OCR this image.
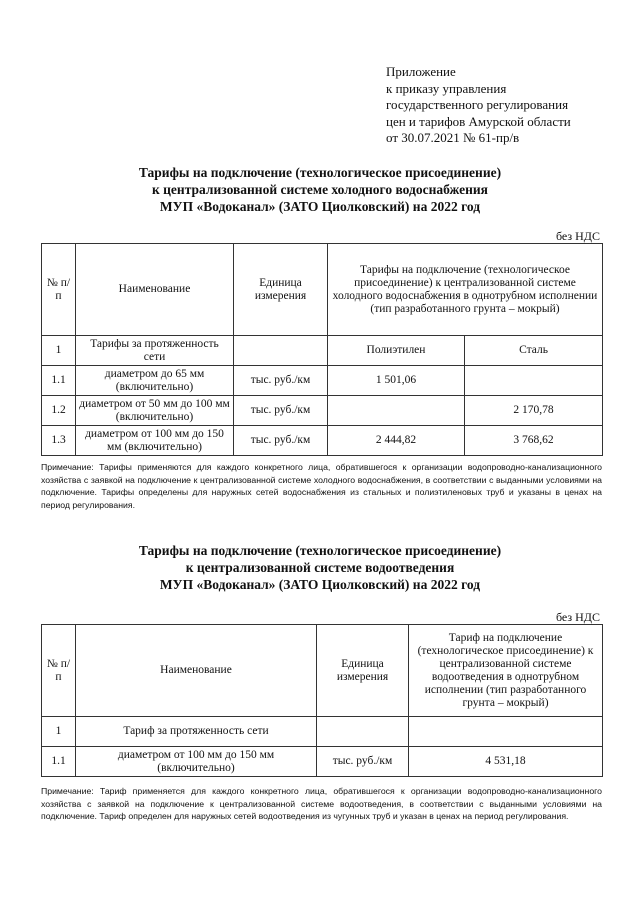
Приложение
к приказу управления
государственного регулирования
цен и тарифов Амурской области
от 30.07.2021 № 61-пр/в
Тарифы на подключение (технологическое присоединение)
к централизованной системе холодного водоснабжения
МУП «Водоканал» (ЗАТО Циолковский) на 2022 год
без НДС
№ п/п	Наименование	Единица измерения	Тарифы на подключение (технологическое присоединение) к централизованной системе холодного водоснабжения в однотрубном исполнении (тип разработанного грунта – мокрый)	
1	Тарифы за протяженность сети		Полиэтилен	Сталь
1.1	диаметром до 65 мм (включительно)	тыс. руб./км	1 501,06	
1.2	диаметром от 50 мм до 100 мм (включительно)	тыс. руб./км		2 170,78
1.3	диаметром от 100 мм до 150 мм (включительно)	тыс. руб./км	2 444,82	3 768,62
Примечание: Тарифы применяются для каждого конкретного лица, обратившегося к организации водопроводно-канализационного хозяйства с заявкой на подключение к централизованной системе холодного водоснабжения, в соответствии с выданными условиями на подключение. Тарифы определены для наружных сетей водоснабжения из стальных и полиэтиленовых труб и указаны в ценах на период регулирования.
Тарифы на подключение (технологическое присоединение)
к централизованной системе водоотведения
МУП «Водоканал» (ЗАТО Циолковский) на 2022 год
без НДС
№ п/п	Наименование	Единица измерения	Тариф на подключение (технологическое присоединение) к централизованной системе водоотведения в однотрубном исполнении (тип разработанного грунта – мокрый)
1	Тариф за протяженность сети		
1.1	диаметром от 100 мм до 150 мм (включительно)	тыс. руб./км	4 531,18
Примечание: Тариф применяется для каждого конкретного лица, обратившегося к организации водопроводно-канализационного хозяйства с заявкой на подключение к централизованной системе водоотведения, в соответствии с выданными условиями на подключение. Тариф определен для наружных сетей водоотведения из чугунных труб и указан в ценах на период регулирования.
